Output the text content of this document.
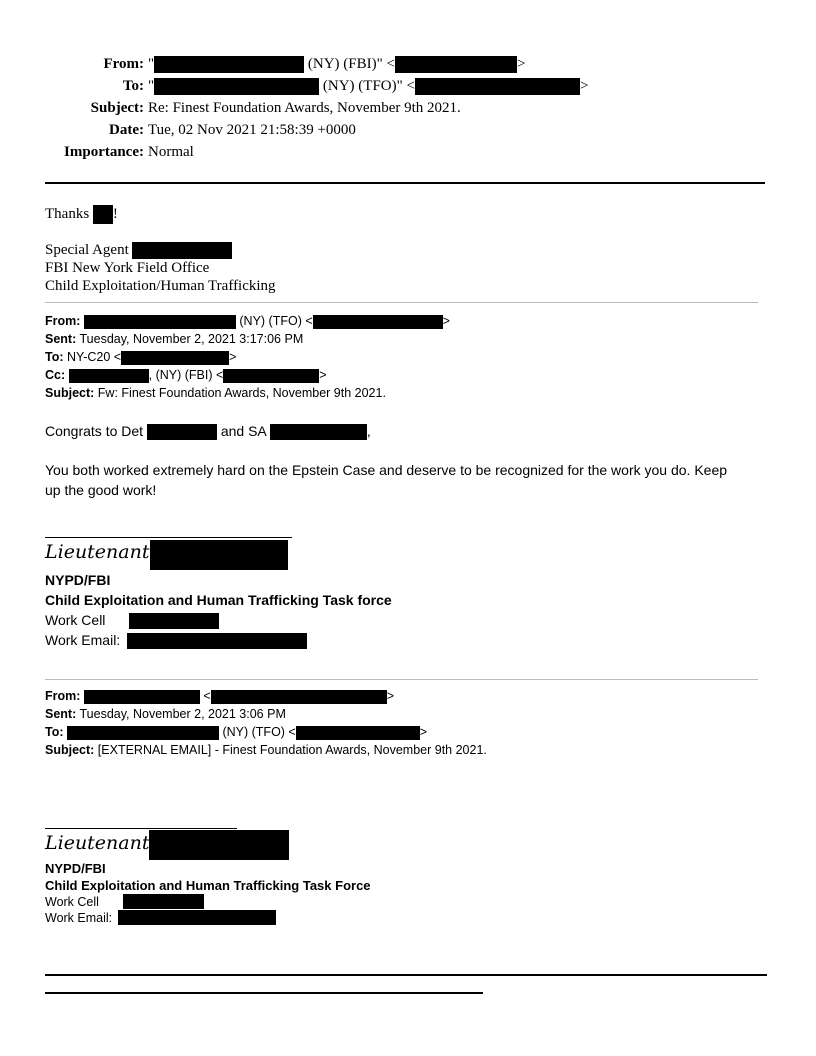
From: "	(NY) (FBI)" <	>
To: "	(NY) (TFO)" <	>
Subject: Re: Finest Foundation Awards, November 9th 2021.
Date: Tue, 02 Nov 2021 21:58:39 +0000
Importance: Normal
Thanks !
Special Agent
FBI New York Field Office
Child Exploitation/Human Trafficking
From:	(NY) (TFO) <	>
Sent: Tuesday, November 2, 2021 3:17:06 PM
To: NY-C20 <	>
Cc:	, (NY) (FBI) <	>
Subject: Fw: Finest Foundation Awards, November 9th 2021.
Congrats to Det	and SA	,
You both worked extremely hard on the Epstein Case and deserve to be recognized for the work you do. Keep
up the good work!
Lieutenant
NYPD/FBI
Child Exploitation and Human Trafficking Task force
Work Cell
Work Email:
From:	<	>
Sent: Tuesday, November 2, 2021 3:06 PM
To:	(NY) (TFO) <	>
Subject: [EXTERNAL EMAIL] - Finest Foundation Awards, November 9th 2021.
Lieutenant
NYPD/FBI
Child Exploitation and Human Trafficking Task Force
Work Cell
Work Email:
